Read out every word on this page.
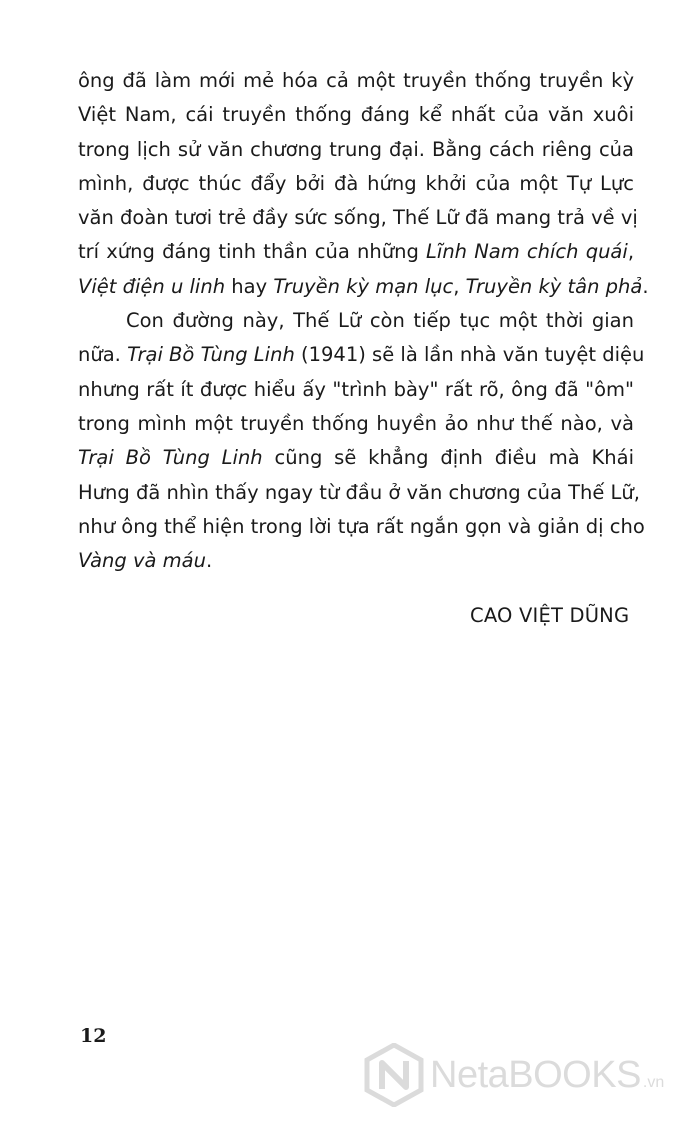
ông đã làm mới mẻ hóa cả một truyền thống truyền kỳ
Việt Nam, cái truyền thống đáng kể nhất của văn xuôi
trong lịch sử văn chương trung đại. Bằng cách riêng của
mình, được thúc đẩy bởi đà hứng khởi của một Tự Lực
văn đoàn tươi trẻ đầy sức sống, Thế Lữ đã mang trả về vị
trí xứng đáng tinh thần của những Lĩnh Nam chích quái,
Việt điện u linh hay Truyền kỳ mạn lục, Truyền kỳ tân phả.
Con đường này, Thế Lữ còn tiếp tục một thời gian
nữa. Trại Bồ Tùng Linh (1941) sẽ là lần nhà văn tuyệt diệu
nhưng rất ít được hiểu ấy "trình bày" rất rõ, ông đã "ôm"
trong mình một truyền thống huyền ảo như thế nào, và
Trại Bồ Tùng Linh cũng sẽ khẳng định điều mà Khái
Hưng đã nhìn thấy ngay từ đầu ở văn chương của Thế Lữ,
như ông thể hiện trong lời tựa rất ngắn gọn và giản dị cho
Vàng và máu.
CAO VIỆT DŨNG
12
NetaBOOKS .vn
